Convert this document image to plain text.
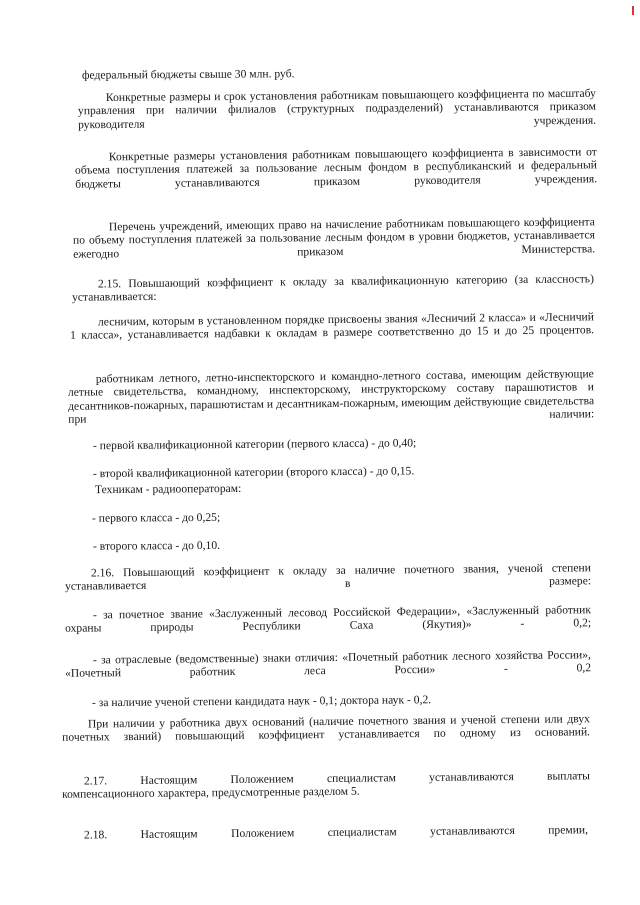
федеральный бюджеты свыше 30 млн. руб.

Конкретные размеры и срок установления работникам повышающего коэффициента по масштабу управления при наличии филиалов (структурных подразделений) устанавливаются приказом руководителя учреждения.

Конкретные размеры установления работникам повышающего коэффициента в зависимости от объема поступления платежей за пользование лесным фондом в республиканский и федеральный бюджеты устанавливаются приказом руководителя учреждения.

Перечень учреждений, имеющих право на начисление работникам повышающего коэффициента по объему поступления платежей за пользование лесным фондом в уровни бюджетов, устанавливается ежегодно приказом Министерства.

2.15. Повышающий коэффициент к окладу за квалификационную категорию (за классность) устанавливается:

лесничим, которым в установленном порядке присвоены звания «Лесничий 2 класса» и «Лесничий 1 класса», устанавливается надбавки к окладам в размере соответственно до 15 и до 25 процентов.

работникам летного, летно-инспекторского и командно-летного состава, имеющим действующие летные свидетельства, командному, инспекторскому, инструкторскому составу парашютистов и десантников-пожарных, парашютистам и десантникам-пожарным, имеющим действующие свидетельства при наличии:

- первой квалификационной категории (первого класса) - до 0,40;

- второй квалификационной категории (второго класса) - до 0,15.

Техникам - радиооператорам:

- первого класса - до 0,25;

- второго класса - до 0,10.

2.16. Повышающий коэффициент к окладу за наличие почетного звания, ученой степени устанавливается в размере:

- за почетное звание «Заслуженный лесовод Российской Федерации», «Заслуженный работник охраны природы Республики Саха (Якутия)» - 0,2;

- за отраслевые (ведомственные) знаки отличия: «Почетный работник лесного хозяйства России», «Почетный работник леса России» - 0,2

- за наличие ученой степени кандидата наук - 0,1; доктора наук - 0,2.

При наличии у работника двух оснований (наличие почетного звания и ученой степени или двух почетных званий) повышающий коэффициент устанавливается по одному из оснований.

2.17.    Настоящим    Положением    специалистам    устанавливаются    выплаты
компенсационного характера, предусмотренные разделом 5.
2.18.    Настоящим    Положением    специалистам    устанавливаются    премии,
